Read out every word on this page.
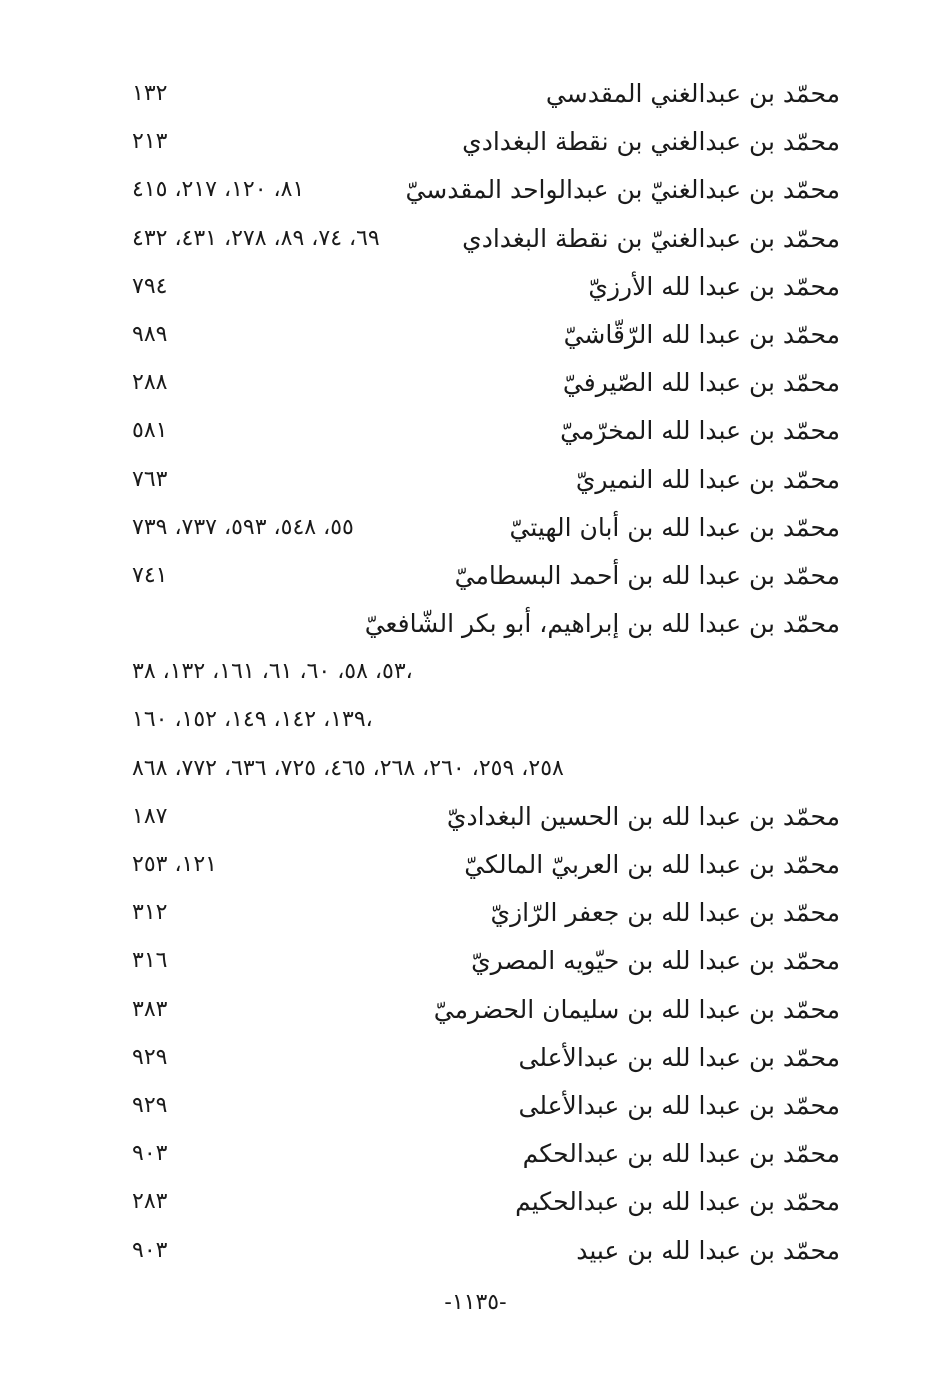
محمّد بن عبدالغني المقدسي
١٣٢
محمّد بن عبدالغني بن نقطة البغدادي
٢١٣
محمّد بن عبدالغنيّ بن عبدالواحد المقدسيّ
٨١، ١٢٠، ٢١٧، ٤١٥
محمّد بن عبدالغنيّ بن نقطة البغدادي
٦٩، ٧٤، ٨٩، ٢٧٨، ٤٣١، ٤٣٢
محمّد بن عبدا لله الأرزيّ
٧٩٤
محمّد بن عبدا لله الرّقّاشيّ
٩٨٩
محمّد بن عبدا لله الصّيرفيّ
٢٨٨
محمّد بن عبدا لله المخرّميّ
٥٨١
محمّد بن عبدا لله النميريّ
٧٦٣
محمّد بن عبدا لله بن أبان الهيتيّ
٥٥، ٥٤٨، ٥٩٣، ٧٣٧، ٧٣٩
محمّد بن عبدا لله بن أحمد البسطاميّ
٧٤١
محمّد بن عبدا لله بن إبراهيم، أبو بكر الشّافعيّ
٥٣، ٥٨، ٦٠، ٦١، ١٦١، ١٣٢، ٣٨،
١٣٩، ١٤٢، ١٤٩، ١٥٢، ١٦٠،
٢٥٨، ٢٥٩، ٢٦٠، ٢٦٨، ٤٦٥، ٧٢٥، ٦٣٦، ٧٧٢، ٨٦٨
محمّد بن عبدا لله بن الحسين البغداديّ
١٨٧
محمّد بن عبدا لله بن العربيّ المالكيّ
١٢١، ٢٥٣
محمّد بن عبدا لله بن جعفر الرّازيّ
٣١٢
محمّد بن عبدا لله بن حيّويه المصريّ
٣١٦
محمّد بن عبدا لله بن سليمان الحضرميّ
٣٨٣
محمّد بن عبدا لله بن عبدالأعلى
٩٢٩
محمّد بن عبدا لله بن عبدالأعلى
٩٢٩
محمّد بن عبدا لله بن عبدالحكم
٩٠٣
محمّد بن عبدا لله بن عبدالحكيم
٢٨٣
محمّد بن عبدا لله بن عبيد
٩٠٣
-١١٣٥-
